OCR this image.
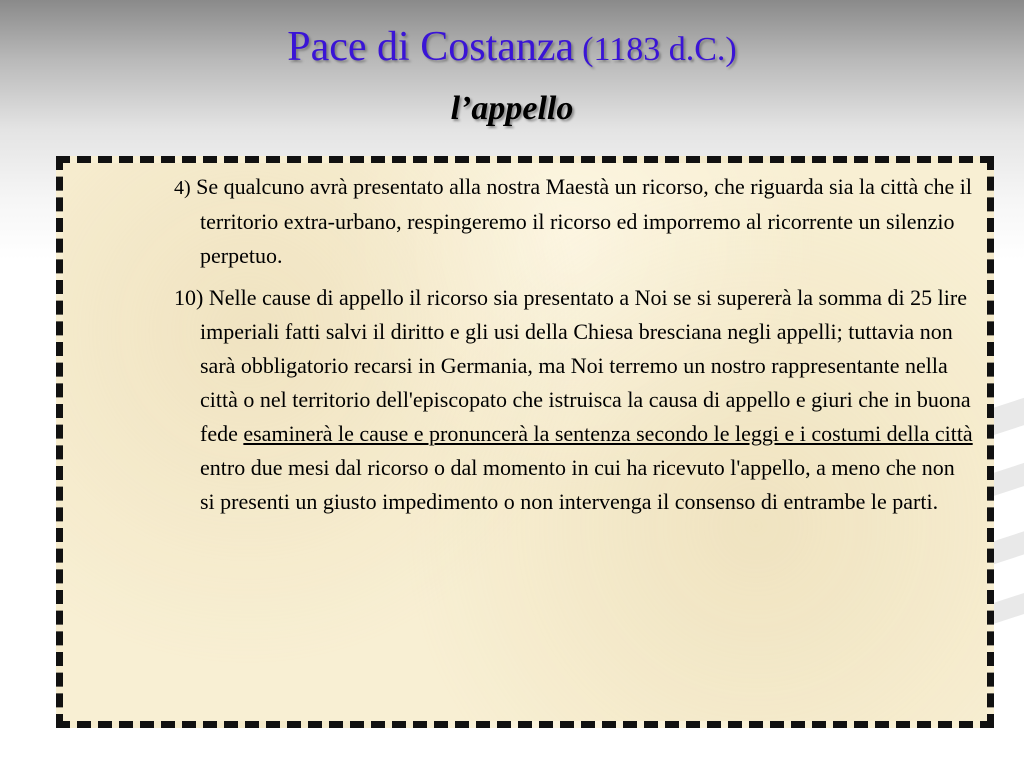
Pace di Costanza (1183 d.C.)
l’appello
4) Se qualcuno avrà presentato alla nostra Maestà un ricorso, che riguarda sia la città che il territorio extra-urbano, respingeremo il ricorso ed imporremo al ricorrente un silenzio perpetuo.
10) Nelle cause di appello il ricorso sia presentato a Noi se si supererà la somma di 25 lire imperiali fatti salvi il diritto e gli usi della Chiesa bresciana negli appelli; tuttavia non sarà obbligatorio recarsi in Germania, ma Noi terremo un nostro rappresentante nella città o nel territorio dell'episcopato che istruisca la causa di appello e giuri che in buona fede esaminerà le cause e pronuncerà la sentenza secondo le leggi e i costumi della città entro due mesi dal ricorso o dal momento in cui ha ricevuto l'appello, a meno che non si presenti un giusto impedimento o non intervenga il consenso di entrambe le parti.
